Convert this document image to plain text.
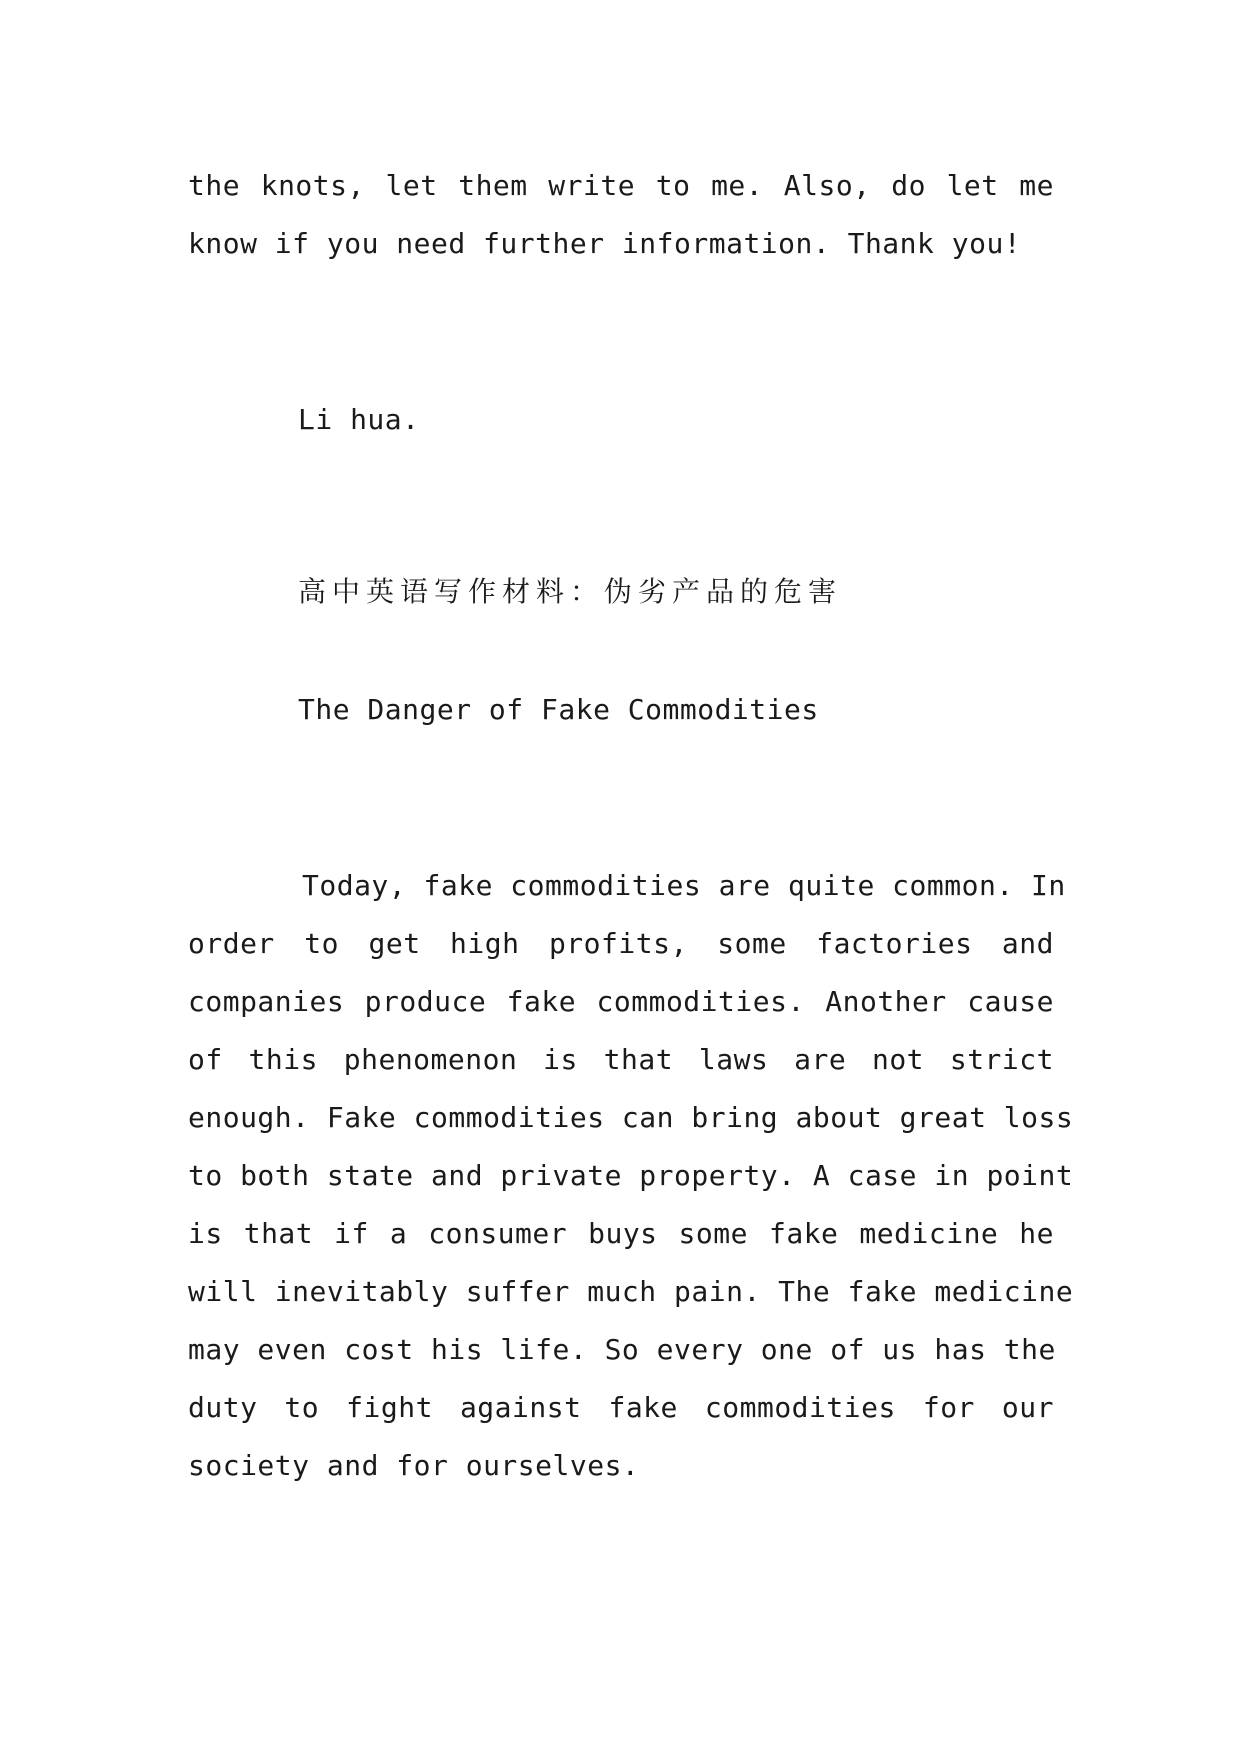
the knots, let them write to me. Also, do let me
know if you need further information. Thank you!
Li hua.
高中英语写作材料：伪劣产品的危害
The Danger of Fake Commodities
Today, fake commodities are quite common. In
order to get high profits, some factories and
companies produce fake commodities. Another cause
of this phenomenon is that laws are not strict
enough. Fake commodities can bring about great loss
to both state and private property. A case in point
is that if a consumer buys some fake medicine he
will inevitably suffer much pain. The fake medicine
may even cost his life. So every one of us has the
duty to fight against fake commodities for our
society and for ourselves.
